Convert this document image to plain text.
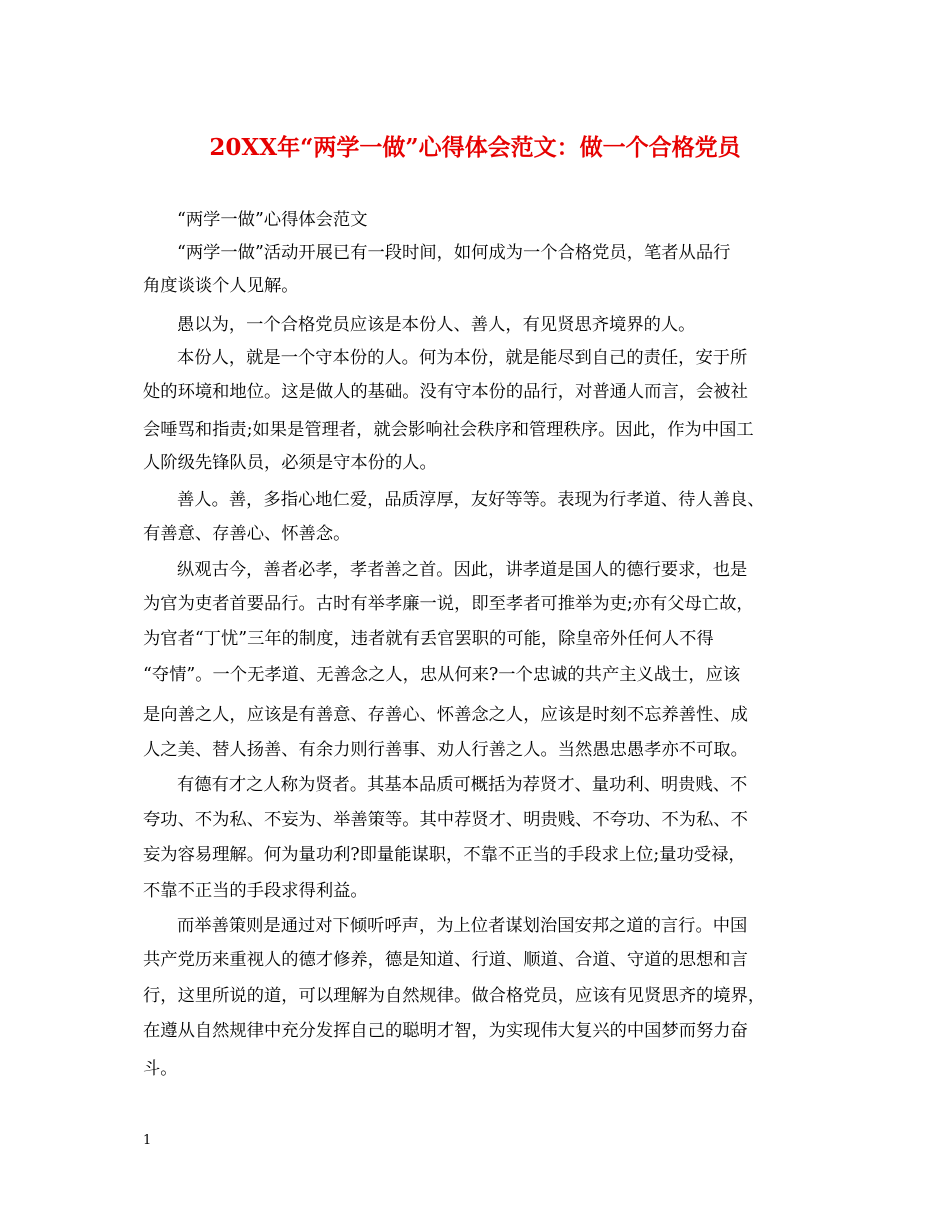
20XX年“两学一做”心得体会范文：做一个合格党员
“两学一做”心得体会范文
“两学一做”活动开展已有一段时间，如何成为一个合格党员，笔者从品行
角度谈谈个人见解。
愚以为，一个合格党员应该是本份人、善人，有见贤思齐境界的人。
本份人，就是一个守本份的人。何为本份，就是能尽到自己的责任，安于所
处的环境和地位。这是做人的基础。没有守本份的品行，对普通人而言，会被社
会唾骂和指责;如果是管理者，就会影响社会秩序和管理秩序。因此，作为中国工
人阶级先锋队员，必须是守本份的人。
善人。善，多指心地仁爱，品质淳厚，友好等等。表现为行孝道、待人善良、
有善意、存善心、怀善念。
纵观古今，善者必孝，孝者善之首。因此，讲孝道是国人的德行要求，也是
为官为吏者首要品行。古时有举孝廉一说，即至孝者可推举为吏;亦有父母亡故，
为官者“丁忧”三年的制度，违者就有丢官罢职的可能，除皇帝外任何人不得
“夺情”。一个无孝道、无善念之人，忠从何来?一个忠诚的共产主义战士，应该
是向善之人，应该是有善意、存善心、怀善念之人，应该是时刻不忘养善性、成
人之美、替人扬善、有余力则行善事、劝人行善之人。当然愚忠愚孝亦不可取。
有德有才之人称为贤者。其基本品质可概括为荐贤才、量功利、明贵贱、不
夸功、不为私、不妄为、举善策等。其中荐贤才、明贵贱、不夸功、不为私、不
妄为容易理解。何为量功利?即量能谋职，不靠不正当的手段求上位;量功受禄，
不靠不正当的手段求得利益。
而举善策则是通过对下倾听呼声，为上位者谋划治国安邦之道的言行。中国
共产党历来重视人的德才修养，德是知道、行道、顺道、合道、守道的思想和言
行，这里所说的道，可以理解为自然规律。做合格党员，应该有见贤思齐的境界，
在遵从自然规律中充分发挥自己的聪明才智，为实现伟大复兴的中国梦而努力奋
斗。
1
